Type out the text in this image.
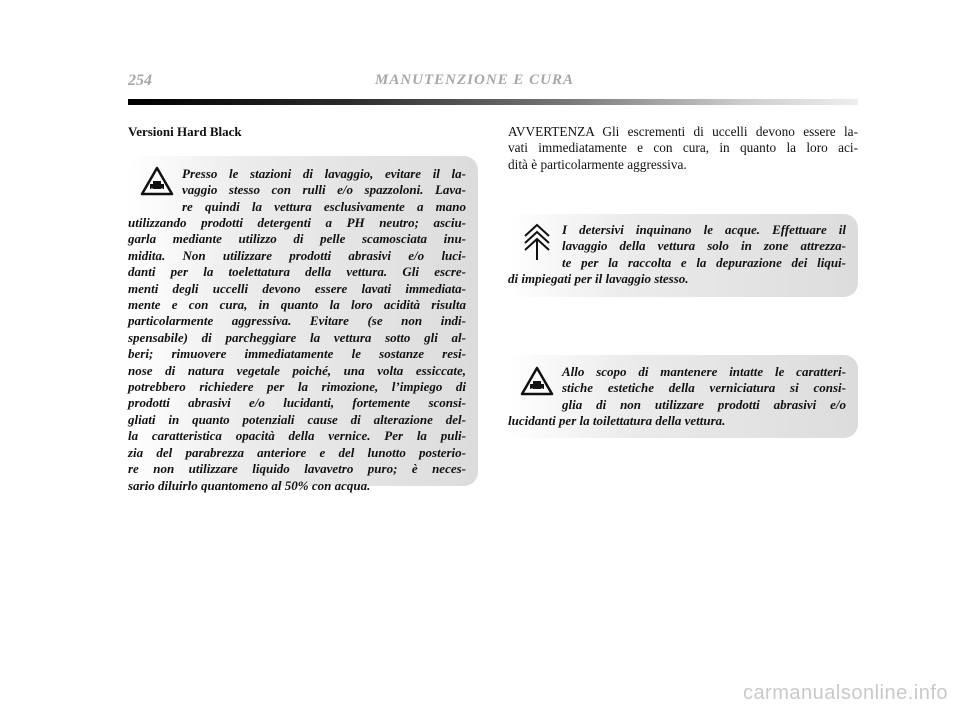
254	MANUTENZIONE E CURA
Versioni Hard Black
Presso le stazioni di lavaggio, evitare il la-
vaggio stesso con rulli e/o spazzoloni. Lava-
re quindi la vettura esclusivamente a mano
utilizzando prodotti detergenti a PH neutro; asciu-
garla mediante utilizzo di pelle scamosciata inu-
midita. Non utilizzare prodotti abrasivi e/o luci-
danti per la toelettatura della vettura. Gli escre-
menti degli uccelli devono essere lavati immediata-
mente e con cura, in quanto la loro acidità risulta
particolarmente aggressiva. Evitare (se non indi-
spensabile) di parcheggiare la vettura sotto gli al-
beri; rimuovere immediatamente le sostanze resi-
nose di natura vegetale poiché, una volta essiccate,
potrebbero richiedere per la rimozione, l’impiego di
prodotti abrasivi e/o lucidanti, fortemente sconsi-
gliati in quanto potenziali cause di alterazione del-
la caratteristica opacità della vernice. Per la puli-
zia del parabrezza anteriore e del lunotto posterio-
re non utilizzare liquido lavavetro puro; è neces-
sario diluirlo quantomeno al 50% con acqua.
AVVERTENZA Gli escrementi di uccelli devono essere la-
vati immediatamente e con cura, in quanto la loro aci-
dità è particolarmente aggressiva.
I detersivi inquinano le acque. Effettuare il
lavaggio della vettura solo in zone attrezza-
te per la raccolta e la depurazione dei liqui-
di impiegati per il lavaggio stesso.
Allo scopo di mantenere intatte le caratteri-
stiche estetiche della verniciatura si consi-
glia di non utilizzare prodotti abrasivi e/o
lucidanti per la toilettatura della vettura.
carmanualsonline.info
